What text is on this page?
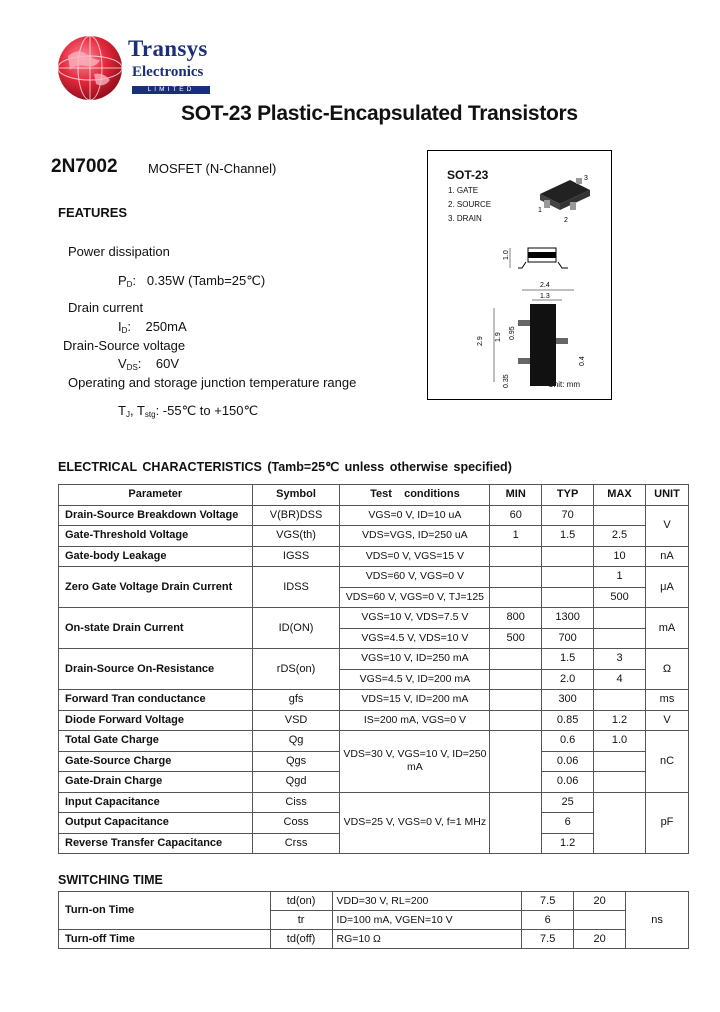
Transys
Electronics
LIMITED
SOT-23 Plastic-Encapsulated Transistors
2N7002 MOSFET (N-Channel)
FEATURES
Power dissipation
$P_D$:   0.35W (Tamb=25℃)
Drain current
$I_D$:    250mA
Drain-Source voltage
$V_{DS}$:    60V
Operating and storage junction temperature range
$T_J$, $T_{stg}$: -55℃ to +150℃
SOT-23
1. GATE
2. SOURCE
3. DRAIN
1
2
3
1.0
2.4
1.3
2.9 1.9 0.95
0.4
0.35	Unit: mm
ELECTRICAL CHARACTERISTICS (Tamb=25℃ unless otherwise specified)
Parameter	Symbol	Test    conditions	MIN	TYP	MAX	UNIT
Drain-Source Breakdown Voltage	V(BR)DSS	VGS=0 V, ID=10 uA	60	70		V
Gate-Threshold Voltage	VGS(th)	VDS=VGS, ID=250 uA	1	1.5	2.5	
Gate-body Leakage	IGSS	VDS=0 V, VGS=15 V			10	nA
Zero Gate Voltage Drain Current	IDSS	VDS=60 V, VGS=0 V			1	μA
		VDS=60 V, VGS=0 V, TJ=125			500	
On-state Drain Current	ID(ON)	VGS=10 V, VDS=7.5 V	800	1300		mA
		VGS=4.5 V, VDS=10 V	500	700		
Drain-Source On-Resistance	rDS(on)	VGS=10 V, ID=250 mA		1.5	3	Ω
		VGS=4.5 V, ID=200 mA		2.0	4	
Forward Tran conductance	gfs	VDS=15 V, ID=200 mA		300		ms
Diode Forward Voltage	VSD	IS=200 mA, VGS=0 V		0.85	1.2	V
Total Gate Charge	Qg	VDS=30 V, VGS=10 V, ID=250 mA		0.6	1.0	nC
Gate-Source Charge	Qgs			0.06		
Gate-Drain Charge	Qgd			0.06		
Input Capacitance	Ciss	VDS=25 V, VGS=0 V, f=1 MHz		25		pF
Output Capacitance	Coss			6		
Reverse Transfer Capacitance	Crss			1.2		
SWITCHING TIME
Turn-on Time	td(on)	VDD=30 V, RL=200	7.5	20	ns
	tr	ID=100 mA, VGEN=10 V	6		
Turn-off Time	td(off)	RG=10 Ω	7.5	20	
